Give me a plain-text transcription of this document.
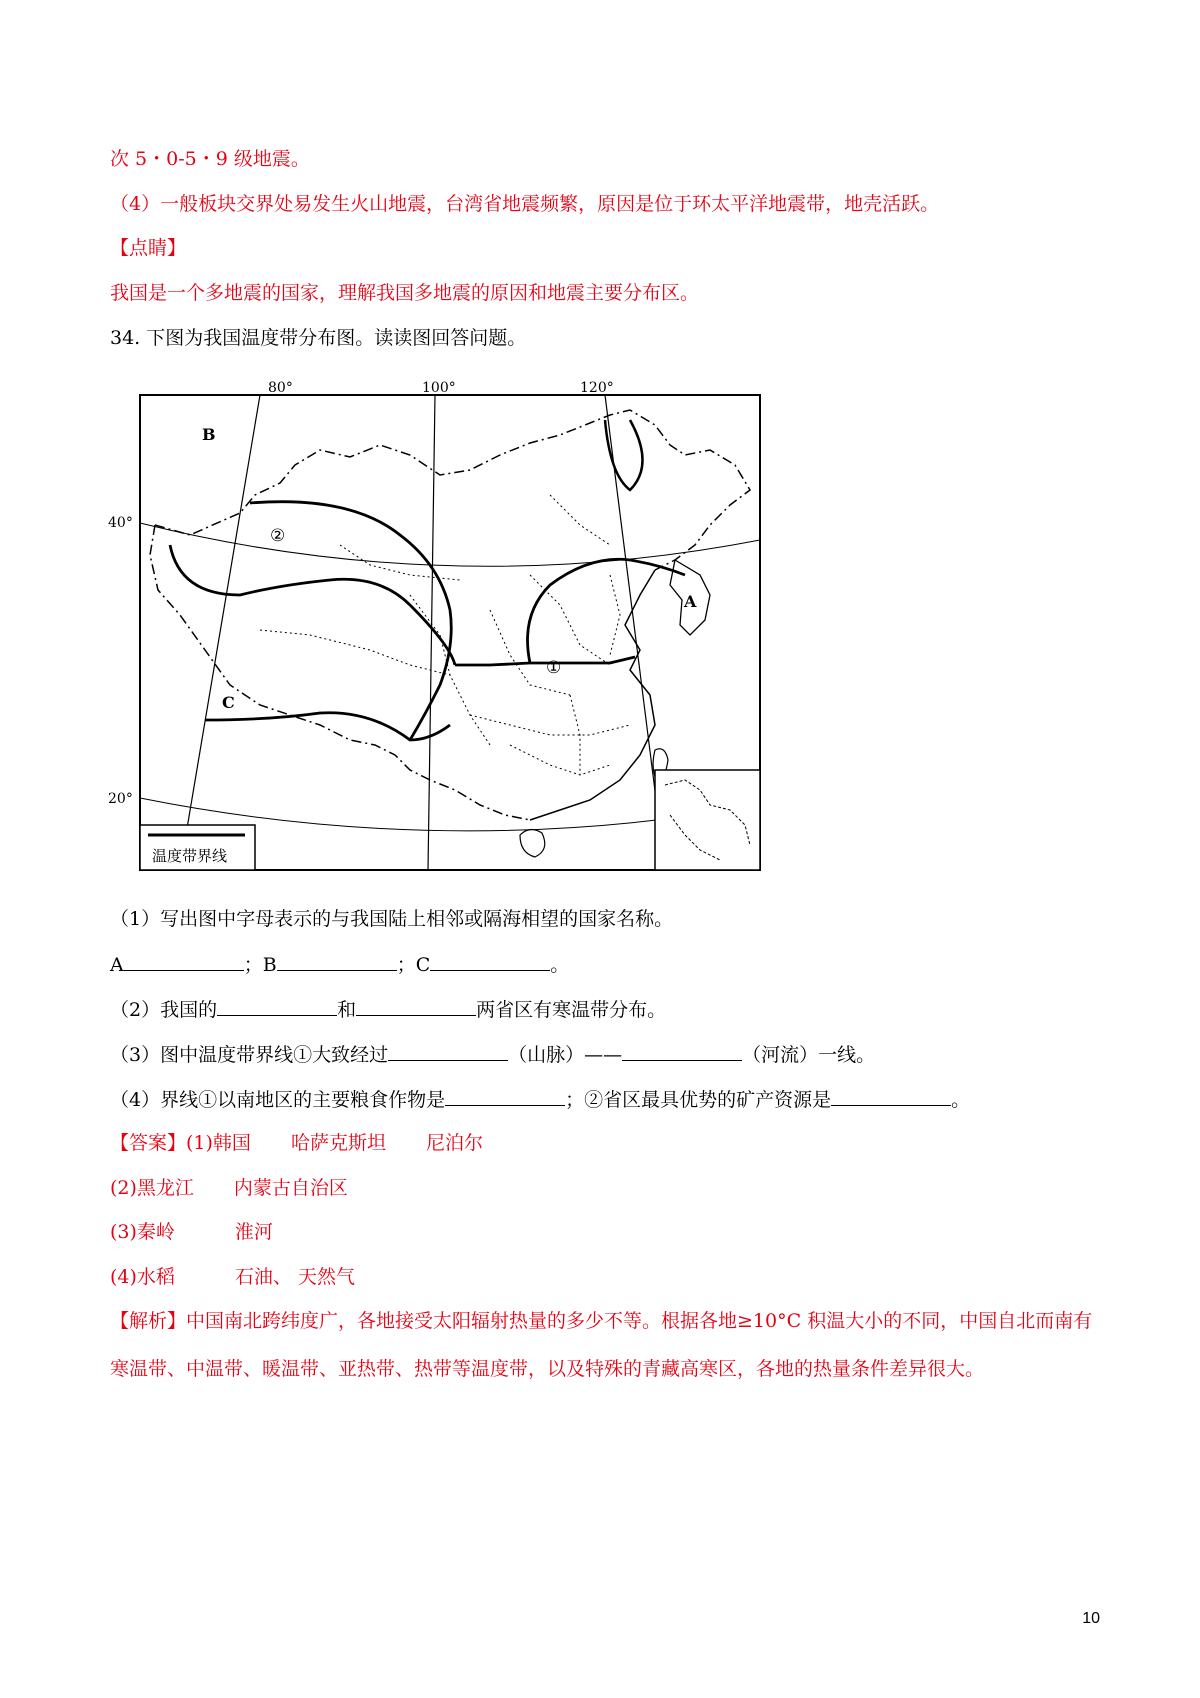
次 5・0-5・9 级地震。
（4）一般板块交界处易发生火山地震，台湾省地震频繁，原因是位于环太平洋地震带，地壳活跃。
【点睛】
我国是一个多地震的国家，理解我国多地震的原因和地震主要分布区。
34. 下图为我国温度带分布图。读读图回答问题。
温度带界线
80°	100°	120°
40°
20°
A
B
C
①
②
（1）写出图中字母表示的与我国陆上相邻或隔海相望的国家名称。
A	；B	；C	。
（2）我国的	和	两省区有寒温带分布。
（3）图中温度带界线①大致经过	（山脉）——	（河流）一线。
（4）界线①以南地区的主要粮食作物是	；②省区最具优势的矿产资源是	。
【答案】(1)韩国 哈萨克斯坦 尼泊尔
(2)黑龙江 内蒙古自治区
(3)秦岭	淮河
(4)水稻	石油、 天然气
【解析】中国南北跨纬度广，各地接受太阳辐射热量的多少不等。根据各地≥10°C 积温大小的不同，中国自北而南有寒温带、中温带、暖温带、亚热带、热带等温度带，以及特殊的青藏高寒区，各地的热量条件差异很大。
10
